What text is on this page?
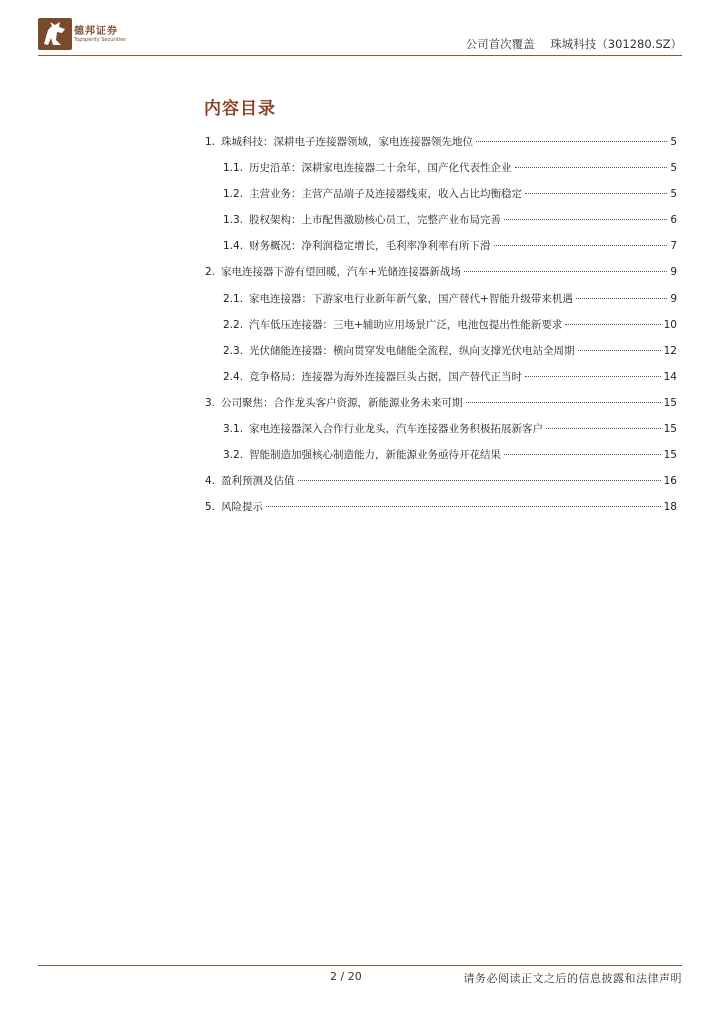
德邦证券
Topsperity Securities	公司首次覆盖 珠城科技（301280.SZ）
内容目录
1. 珠城科技：深耕电子连接器领域，家电连接器领先地位	5
1.1. 历史沿革：深耕家电连接器二十余年，国产化代表性企业	5
1.2. 主营业务：主营产品端子及连接器线束，收入占比均衡稳定	5
1.3. 股权架构：上市配售激励核心员工，完整产业布局完善	6
1.4. 财务概况：净利润稳定增长，毛利率净利率有所下滑	7
2. 家电连接器下游有望回暖，汽车+光储连接器新战场	9
2.1. 家电连接器：下游家电行业新年新气象，国产替代+智能升级带来机遇	9
2.2. 汽车低压连接器：三电+辅助应用场景广泛，电池包提出性能新要求	10
2.3. 光伏储能连接器：横向贯穿发电储能全流程，纵向支撑光伏电站全周期	12
2.4. 竞争格局：连接器为海外连接器巨头占据，国产替代正当时	14
3. 公司聚焦：合作龙头客户资源，新能源业务未来可期	15
3.1. 家电连接器深入合作行业龙头，汽车连接器业务积极拓展新客户	15
3.2. 智能制造加强核心制造能力，新能源业务亟待开花结果	15
4. 盈利预测及估值	16
5. 风险提示	18
2 / 20	请务必阅读正文之后的信息披露和法律声明
